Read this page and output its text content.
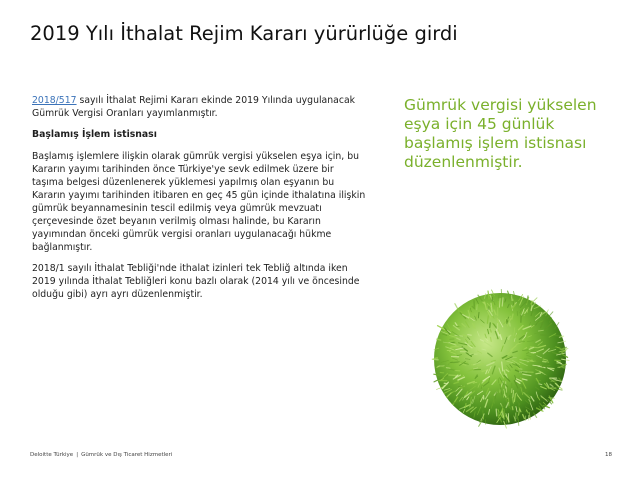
2019 Yılı İthalat Rejim Kararı yürürlüğe girdi

2018/517 sayılı İthalat Rejimi Kararı ekinde 2019 Yılında uygulanacak Gümrük Vergisi Oranları yayımlanmıştır.

Başlamış İşlem istisnası

Başlamış işlemlere ilişkin olarak gümrük vergisi yükselen eşya için, bu Kararın yayımı tarihinden önce Türkiye'ye sevk edilmek üzere bir taşıma belgesi düzenlenerek yüklemesi yapılmış olan eşyanın bu Kararın yayımı tarihinden itibaren en geç 45 gün içinde ithalatına ilişkin gümrük beyannamesinin tescil edilmiş veya gümrük mevzuatı çerçevesinde özet beyanın verilmiş olması halinde, bu Kararın yayımından önceki gümrük vergisi oranları uygulanacağı hükme bağlanmıştır.

2018/1 sayılı İthalat Tebliği'nde ithalat izinleri tek Tebliğ altında iken 2019 yılında İthalat Tebliğleri konu bazlı olarak (2014 yılı ve öncesinde olduğu gibi) ayrı ayrı düzenlenmiştir.

Gümrük vergisi yükselen eşya için 45 günlük başlamış işlem istisnası düzenlenmiştir.

Deloitte Türkiye | Gümrük ve Dış Ticaret Hizmetleri	18
